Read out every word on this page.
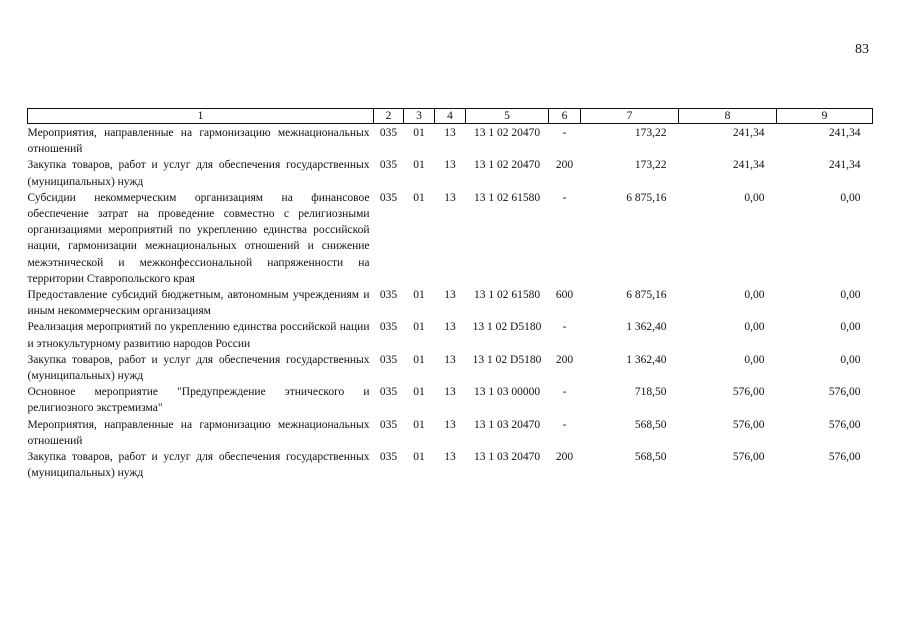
83
1	2	3	4	5	6	7	8	9
Мероприятия, направленные на гармонизацию межнациональных отношений	035	01	13	13 1 02 20470	-	173,22	241,34	241,34
Закупка товаров, работ и услуг для обеспечения государственных (муниципальных) нужд	035	01	13	13 1 02 20470	200	173,22	241,34	241,34
Субсидии некоммерческим организациям на финансовое обеспечение затрат на проведение совместно с религиозными организациями мероприятий по укреплению единства российской нации, гармонизации межнациональных отношений и снижение межэтнической и межконфессиональной напряженности на территории Ставропольского края	035	01	13	13 1 02 61580	-	6 875,16	0,00	0,00
Предоставление субсидий бюджетным, автономным учреждениям и иным некоммерческим организациям	035	01	13	13 1 02 61580	600	6 875,16	0,00	0,00
Реализация мероприятий по укреплению единства российской нации и этнокультурному развитию народов России	035	01	13	13 1 02 D5180	-	1 362,40	0,00	0,00
Закупка товаров, работ и услуг для обеспечения государственных (муниципальных) нужд	035	01	13	13 1 02 D5180	200	1 362,40	0,00	0,00
Основное мероприятие "Предупреждение этнического и религиозного экстремизма"	035	01	13	13 1 03 00000	-	718,50	576,00	576,00
Мероприятия, направленные на гармонизацию межнациональных отношений	035	01	13	13 1 03 20470	-	568,50	576,00	576,00
Закупка товаров, работ и услуг для обеспечения государственных (муниципальных) нужд	035	01	13	13 1 03 20470	200	568,50	576,00	576,00
